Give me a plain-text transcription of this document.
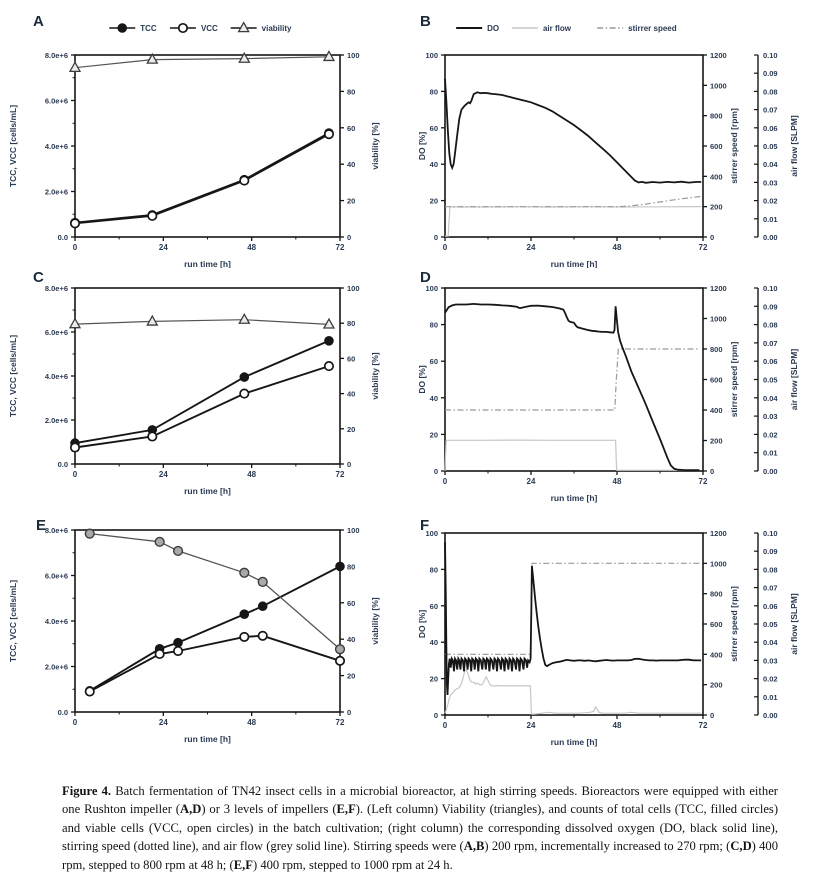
0	24	48	72
run time [h]
0.0
2.0e+6
4.0e+6
6.0e+6
8.0e+6
TCC, VCC [cells/mL]
0
20
40
60
80
100
viability [%]
TCC	VCC	viability
A
0	24	48	72
run time [h]
0
20
40
60
80
100
DO [%]
0
200
400
600
800
1000
1200
stirrer speed [rpm]
0.00
0.01
0.02
0.03
0.04
0.05
0.06
0.07
0.08
0.09
0.10
air flow [SLPM]
DO	air flow	stirrer speed
B
0	24	48	72
run time [h]
0.0
2.0e+6
4.0e+6
6.0e+6
8.0e+6
TCC, VCC [cells/mL]
0
20
40
60
80
100
viability [%]
C
0	24	48	72
run time [h]
0
20
40
60
80
100
DO [%]
0
200
400
600
800
1000
1200
stirrer speed [rpm]
0.00
0.01
0.02
0.03
0.04
0.05
0.06
0.07
0.08
0.09
0.10
air flow [SLPM]
D
0	24	48	72
run time [h]
0.0
2.0e+6
4.0e+6
6.0e+6
8.0e+6
TCC, VCC [cells/mL]
0
20
40
60
80
100
viability [%]
E
0	24	48	72
run time [h]
0
20
40
60
80
100
DO [%]
0
200
400
600
800
1000
1200
stirrer speed [rpm]
0.00
0.01
0.02
0.03
0.04
0.05
0.06
0.07
0.08
0.09
0.10
air flow [SLPM]
F

Figure 4. Batch fermentation of TN42 insect cells in a microbial bioreactor, at high stirring speeds. Bioreactors were equipped with either one Rushton impeller (A,D) or 3 levels of impellers (E,F). (Left column) Viability (triangles), and counts of total cells (TCC, filled circles) and viable cells (VCC, open circles) in the batch cultivation; (right column) the corresponding dissolved oxygen (DO, black solid line), stirring speed (dotted line), and air flow (grey solid line). Stirring speeds were (A,B) 200 rpm, incrementally increased to 270 rpm; (C,D) 400 rpm, stepped to 800 rpm at 48 h; (E,F) 400 rpm, stepped to 1000 rpm at 24 h.
